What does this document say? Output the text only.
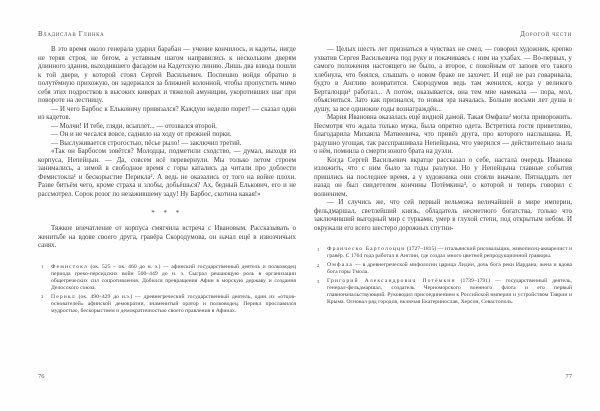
Владислав Глинка

В это время около генерала ударил барабан — учение кончилось, и кадеты, нигде не теряя строя, не бегом, а уставным шагом направились к нескольким дверям длинного здания, выходившего фасадом на Кадетскую линию. Лишь два взвода пошли к той двери, у которой стоял Сергей Васильевич. Поспешно войдя обратно в полутёмную прихожую, он задержался за ближней колонной, чтобы пропустить мимо себя этих подростков в высоких киверах и тяжелой амуниции, укоротивших шаг при повороте на лестницу.

— И чего Барбос к Ельковичу привязался? Каждую неделю порет! — сказал один из кадетов.

— Молчи! И тебе, гляди, всыплет... — отозвался второй.

— Он и не чесался вовсе, саднило на ходу от прежней порки.

— Выслуживается строгостью, пёсье рыло! — заключил третий.

«Так он Барбосом зовётся? Молодцы, подметили сходство, — думал, выходя из корпуса, Непейцын. — Да, совсем всё перевернули. Мы только летом строем занимались, а зимой в свободное время с горы катались да читали про доблести Фемистокла¹ и бескорыстие Перикла². А ведь не оказались от того на войне плохи. Разве битьём чего, кроме страха и злобы, добьёшься? Ах, бедный Елькович, его и не рассмотрел. Сорок розог по незажившему заду! Ну Барбос, скотина какая!»

* * *

Тяжкое впечатление от корпуса смягчила встреча с Ивановым. Рассказывать о женитьбе на вдове своего друга, гравёра Скородумова, он начал ещё в извозчичьих санях.

1 Фемистокл (ок. 525 – ок. 460 до н. э.) — афинский государственный деятель и полководец периода греко-персидских войн 500–449 до н. э. Сыграл решающую роль в организации общегреческих сил сопротивления. Добился превращения Афин в морскую державу и создания Делосского союза.
2 Перикл (ок. 490–429 до н.э.) — древнегреческий государственный деятель, один из «отцов-основателей» афинской демократии, знаменитый оратор и полководец. Перикл прославился мудростью, бескорыстием и демократичностью своего правления в Афинах.
76
Дорогой чести

— Целых шесть лет признаться в чувствах не смел, — говорил художник, крепко ухватив Сергея Васильевича под руку и покачиваясь с ним на ухабах. — Во-первых, у самого положения настоящего не было, а второе, с покойным от запоев его такого хлебнула, что боялся, слышать о новом браке не захочет. И ещё не раз говаривала, будто в Англию возвратится. Скородумов ведь там женился, когда у великого Берталоцци¹ работал... А потом, оказывается, она тем мне намекала — пора, мол, объясниться. Зато как признался, то новая эра началась. Больше восьми лет душа в душу, за все одинокие годы вознаграждён...

Мария Ивановна оказалась ещё видной дамой. Такая Омфала² могла приворожить. Несмотря что ждала только мужа, была опрятно одета. Встретила гостя приветливо, благодарила Михаила Матвеевича, что привёз друга, про которого наслышана. И, радушно угощая, так расспрашивала Непейцына, что уверился — действительно знала о нём, помнила о смерти юного брата на дуэли.

Когда Сергей Васильевич вкратце рассказал о себе, настала очередь Иванова изложить, что с ним было за годы разлуки. Но у Непейцына главные события пришлись на последнее время, а у художника они стояли вначале. Пятнадцать лет назад он был свидетелем кончины Потёмкина³, о которой и теперь говорил с волнением.

— И случись же, что сей первый вельможа величайшей в мире империи, фельдмаршал, светлейший князь, обладатель несметного богатства, только что заключивший выгодный мир с турками, умер в глухой степи, под открытым небом. И окружали его всего шестеро дорожных спутни-

1 Франческо Бартолоцци (1727–1815) — итальянский рисовальщик, живописец-акварелист и гравёр. С 1764 года работал в Англии, где создал много цветной репродукционной гравюры.
2 Омфала — в древнегреческой мифологии царица Лидии, дочь бога реки Иардана, жена и вдова бога горы Тмола.
3 Григорий Александрович Потёмкин (1739–1791) — государственный деятель, генерал-фельдмаршал, создатель Черноморского военного флота и его первый главноначальствующий. Руководил присоединением к Российской империи и устройством Таврии и Крыма. Основал ряд городов, включая Екатеринослав, Херсон, Севастополь.
77
